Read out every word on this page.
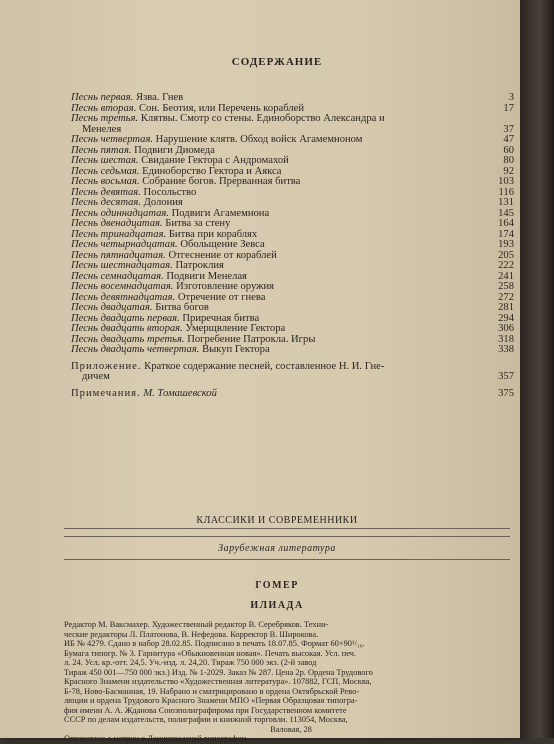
СОДЕРЖАНИЕ
Песнь первая. Язва. Гнев	3
Песнь вторая. Сон. Беотия, или Перечень кораблей	17
Песнь третья. Клятвы. Смотр со стены. Единоборство Александра и
Менелея	37
Песнь четвертая. Нарушение клятв. Обход войск Агамемноном	47
Песнь пятая. Подвиги Диомеда	60
Песнь шестая. Свидание Гектора с Андромахой	80
Песнь седьмая. Единоборство Гектора и Аякса	92
Песнь восьмая. Собрание богов. Прерванная битва	103
Песнь девятая. Посольство	116
Песнь десятая. Долония	131
Песнь одиннадцатая. Подвиги Агамемнона	145
Песнь двенадцатая. Битва за стену	164
Песнь тринадцатая. Битва при кораблях	174
Песнь четырнадцатая. Обольщение Зевса	193
Песнь пятнадцатая. Отгеснение от кораблей	205
Песнь шестнадцатая. Патроклия	222
Песнь семнадцатая. Подвиги Менелая	241
Песнь восемнадцатая. Изготовление оружия	258
Песнь девятнадцатая. Отречение от гнева	272
Песнь двадцатая. Битва богов	281
Песнь двадцать первая. Приречная битва	294
Песнь двадцать вторая. Умерщвление Гектора	306
Песнь двадцать третья. Погребение Патрокла. Игры	318
Песнь двадцать четвертая. Выкуп Гектора	338
Приложение. Краткое содержание песней, составленное Н. И. Гне-
дичем	357
Примечания. М. Томашевской	375
КЛАССИКИ И СОВРЕМЕННИКИ
Зарубежная литература
ГОМЕР
ИЛИАДА
Редактор М. Вакcмахер. Художественный редактор В. Серебряков. Техни-
ческие редакторы Л. Платонова, В. Нефедова. Корректор В. Широкова.
ИБ № 4279. Сдано в набор 28.02.85. Подписано в печать 18.07.85. Формат 60×90¹/₁₆.
Бумага типогр. № 3. Гарнитура «Обыкновенная новая». Печать высокая. Усл. печ.
л. 24. Усл. кр.-отт. 24,5. Уч.-изд. л. 24,20. Тираж 750 000 экз. (2-й завод
Тираж 450 001—750 000 экз.) Изд. № 1-2029. Заказ № 287. Цена 2р. Ордена Трудового
Красного Знамени издательство «Художественная литература». 107882, ГСП, Москва,
Б-78, Ново-Басманная, 19. Набрано и сматрицировано в ордена Октябрьской Рево-
люции и ордена Трудового Красного Знамени МПО «Первая Образцовая типогра-
фия имени А. А. Жданова Союзполиграфпрома при Государственном комитете
СССР по делам издательств, полиграфии и книжной торговли. 113054, Москва,
Валовая, 28
Отпечатано с матриц в Ленинградской типографии
